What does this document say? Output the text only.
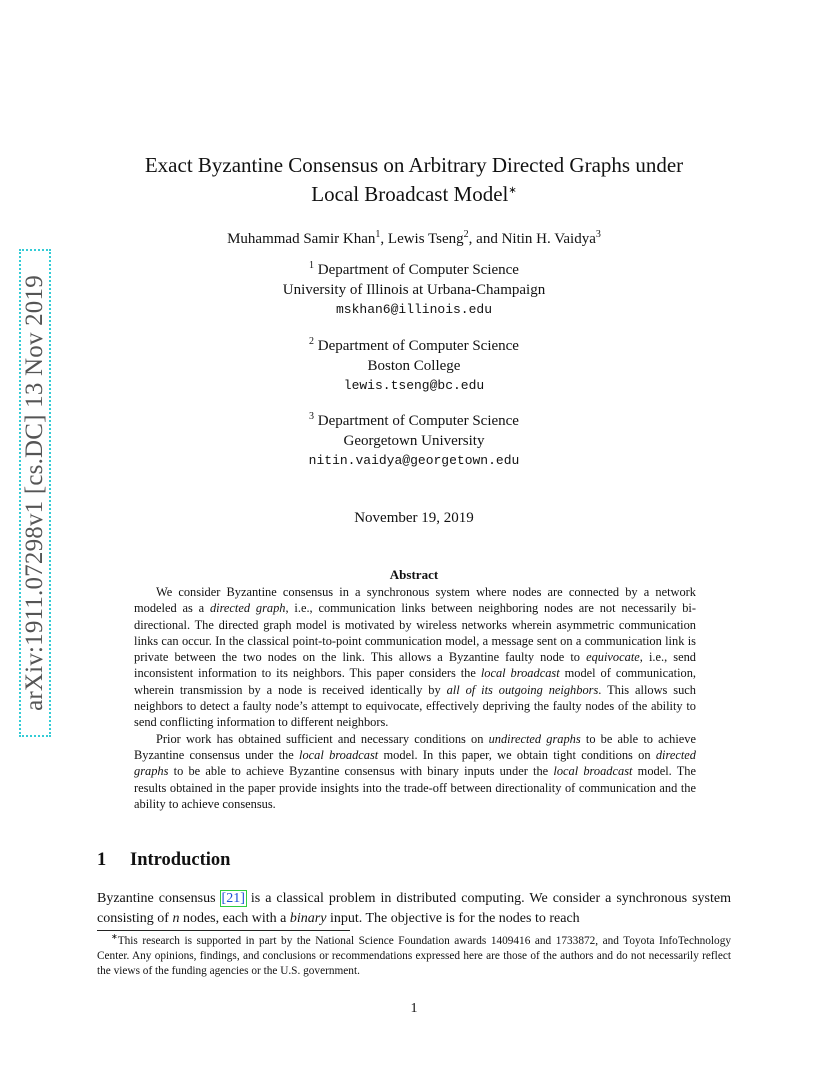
arXiv:1911.07298v1 [cs.DC] 13 Nov 2019
Exact Byzantine Consensus on Arbitrary Directed Graphs under
Local Broadcast Model∗
Muhammad Samir Khan$^1$, Lewis Tseng$^2$, and Nitin H. Vaidya$^3$
$^1$ Department of Computer Science
University of Illinois at Urbana-Champaign
mskhan6@illinois.edu
$^2$ Department of Computer Science
Boston College
lewis.tseng@bc.edu
$^3$ Department of Computer Science
Georgetown University
nitin.vaidya@georgetown.edu
November 19, 2019
Abstract

We consider Byzantine consensus in a synchronous system where nodes are connected by a network modeled as a directed graph, i.e., communication links between neighboring nodes are not necessarily bi-directional. The directed graph model is motivated by wireless networks wherein asymmetric communication links can occur. In the classical point-to-point communication model, a message sent on a communication link is private between the two nodes on the link. This allows a Byzantine faulty node to equivocate, i.e., send inconsistent information to its neighbors. This paper considers the local broadcast model of communication, wherein transmission by a node is received identically by all of its outgoing neighbors. This allows such neighbors to detect a faulty node’s attempt to equivocate, effectively depriving the faulty nodes of the ability to send conflicting information to different neighbors.

Prior work has obtained sufficient and necessary conditions on undirected graphs to be able to achieve Byzantine consensus under the local broadcast model. In this paper, we obtain tight conditions on directed graphs to be able to achieve Byzantine consensus with binary inputs under the local broadcast model. The results obtained in the paper provide insights into the trade-off between directionality of communication and the ability to achieve consensus.

1 Introduction
Byzantine consensus [21] is a classical problem in distributed computing. We consider a synchronous system consisting of n nodes, each with a binary input. The objective is for the nodes to reach
∗This research is supported in part by the National Science Foundation awards 1409416 and 1733872, and Toyota InfoTechnology Center. Any opinions, findings, and conclusions or recommendations expressed here are those of the authors and do not necessarily reflect the views of the funding agencies or the U.S. government.
1
